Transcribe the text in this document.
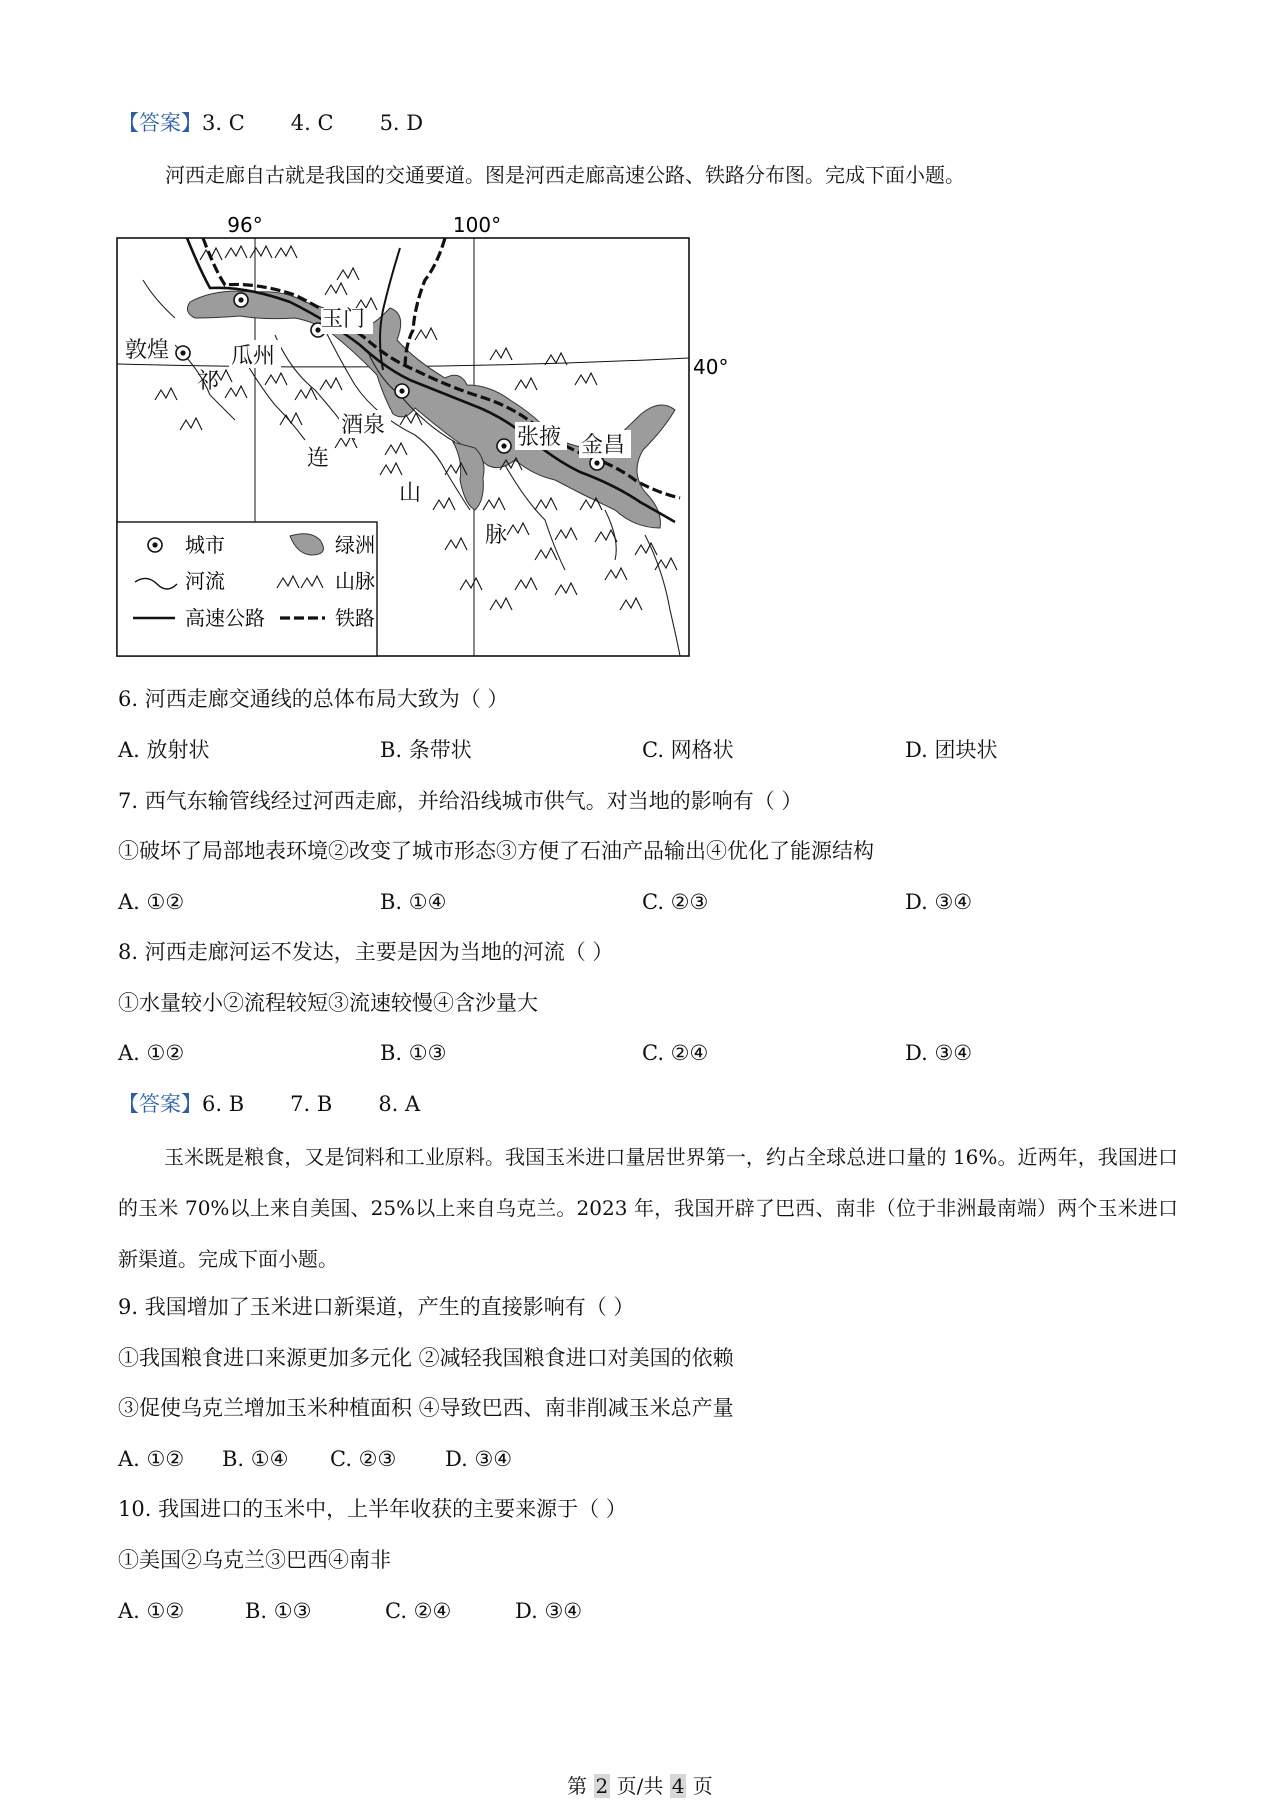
【答案】3. C 4. C 5. D
河西走廊自古就是我国的交通要道。图是河西走廊高速公路、铁路分布图。完成下面小题。
96°	100°
40°
敦煌	瓜州
玉门
酒泉	张掖 金昌
祁
连
山
脉
城市	绿洲
河流	山脉
高速公路	铁路
6. 河西走廊交通线的总体布局大致为（ ）
A. 放射状	B. 条带状	C. 网格状	D. 团块状
7. 西气东输管线经过河西走廊，并给沿线城市供气。对当地的影响有（ ）
①破坏了局部地表环境②改变了城市形态③方便了石油产品输出④优化了能源结构
A. ①②	B. ①④	C. ②③	D. ③④
8. 河西走廊河运不发达，主要是因为当地的河流（ ）
①水量较小②流程较短③流速较慢④含沙量大
A. ①②	B. ①③	C. ②④	D. ③④
【答案】6. B 7. B 8. A
玉米既是粮食，又是饲料和工业原料。我国玉米进口量居世界第一，约占全球总进口量的 16%。近两年，我国进口的玉米 70%以上来自美国、25%以上来自乌克兰。2023 年，我国开辟了巴西、南非（位于非洲最南端）两个玉米进口新渠道。完成下面小题。
9. 我国增加了玉米进口新渠道，产生的直接影响有（ ）
①我国粮食进口来源更加多元化 ②减轻我国粮食进口对美国的依赖
③促使乌克兰增加玉米种植面积 ④导致巴西、南非削减玉米总产量
A. ①② B. ①④ C. ②③ D. ③④
10. 我国进口的玉米中，上半年收获的主要来源于（ ）
①美国②乌克兰③巴西④南非
A. ①②	B. ①③	C. ②④	D. ③④
第 2 页/共 4 页
